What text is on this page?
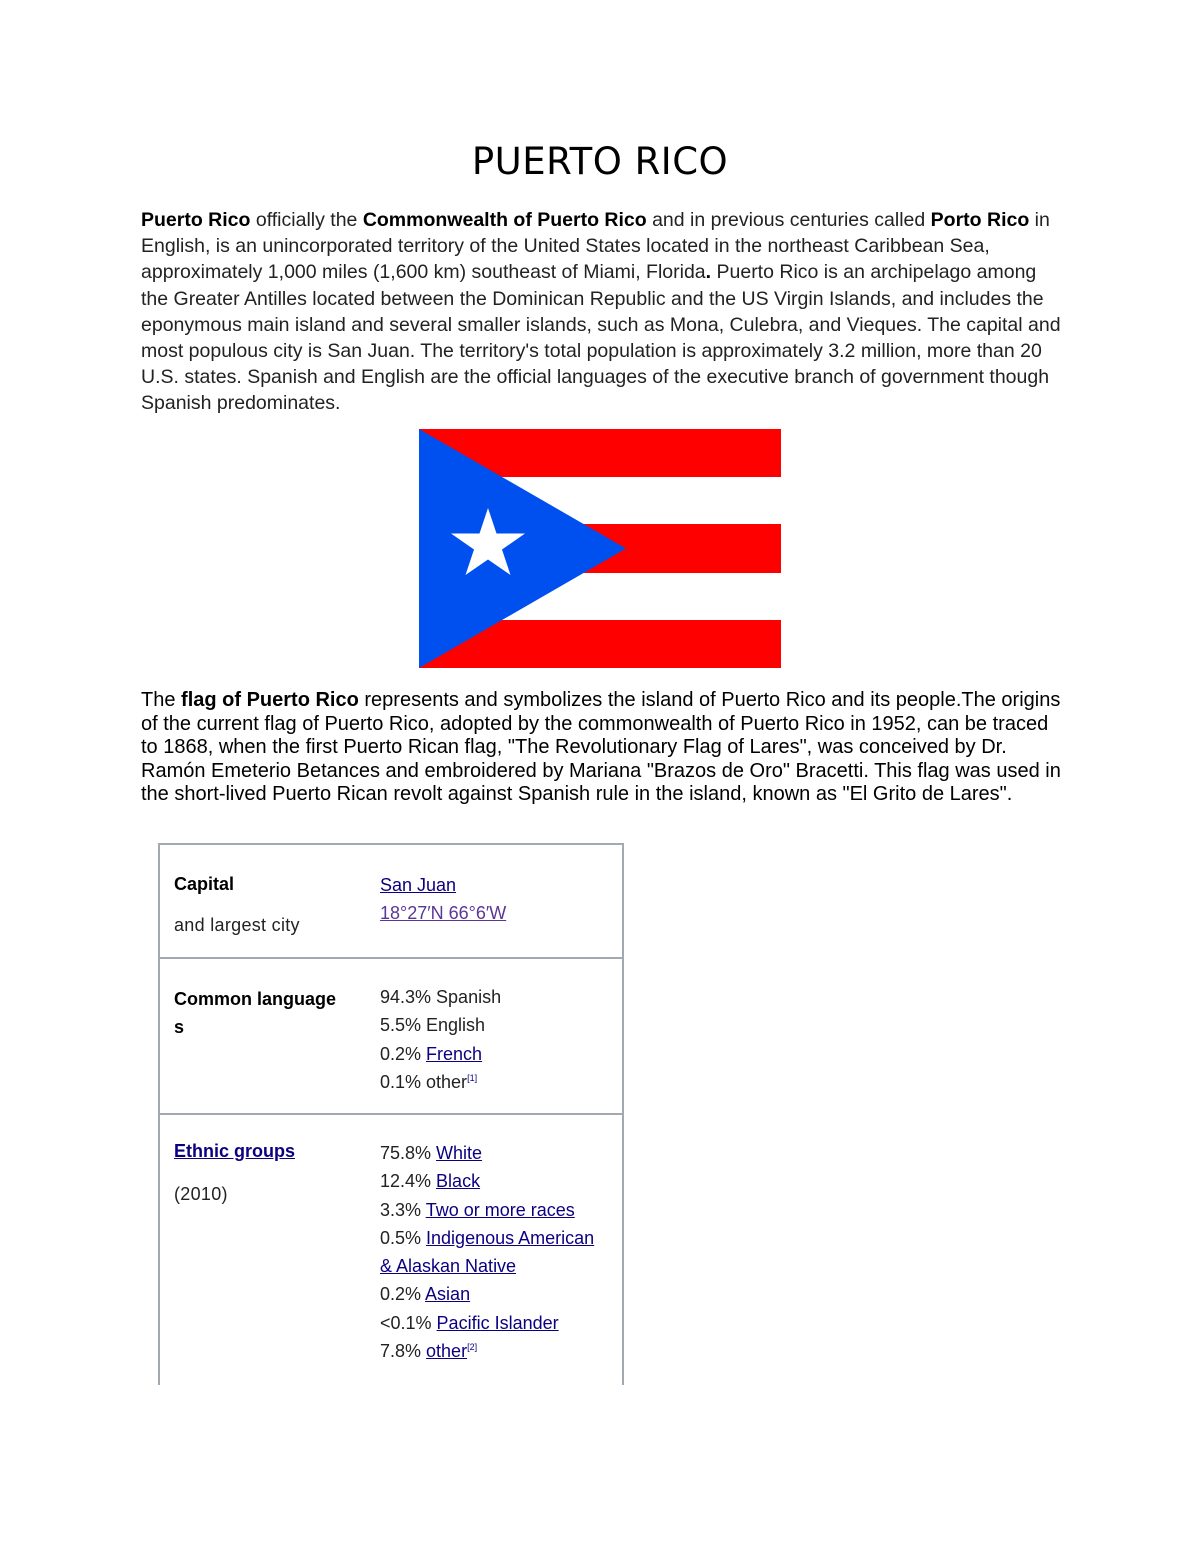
PUERTO RICO

Puerto Rico officially the Commonwealth of Puerto Rico and in previous centuries called Porto Rico in English, is an unincorporated territory of the United States located in the northeast Caribbean Sea, approximately 1,000 miles (1,600 km) southeast of Miami, Florida. Puerto Rico is an archipelago among the Greater Antilles located between the Dominican Republic and the US Virgin Islands, and includes the eponymous main island and several smaller islands, such as Mona, Culebra, and Vieques. The capital and most populous city is San Juan. The territory's total population is approximately 3.2 million, more than 20 U.S. states. Spanish and English are the official languages of the executive branch of government though Spanish predominates.

The flag of Puerto Rico represents and symbolizes the island of Puerto Rico and its people.The origins of the current flag of Puerto Rico, adopted by the commonwealth of Puerto Rico in 1952, can be traced to 1868, when the first Puerto Rican flag, "The Revolutionary Flag of Lares", was conceived by Dr. Ramón Emeterio Betances and embroidered by Mariana "Brazos de Oro" Bracetti. This flag was used in the short-lived Puerto Rican revolt against Spanish rule in the island, known as "El Grito de Lares".

Capital
and largest city
San Juan
18°27′N 66°6′W
Common language
s
94.3% Spanish
5.5% English
0.2% French
0.1% other[1]
Ethnic groups
(2010)
75.8% White
12.4% Black
3.3% Two or more races
0.5% Indigenous American
& Alaskan Native
0.2% Asian
<0.1% Pacific Islander
7.8% other[2]
